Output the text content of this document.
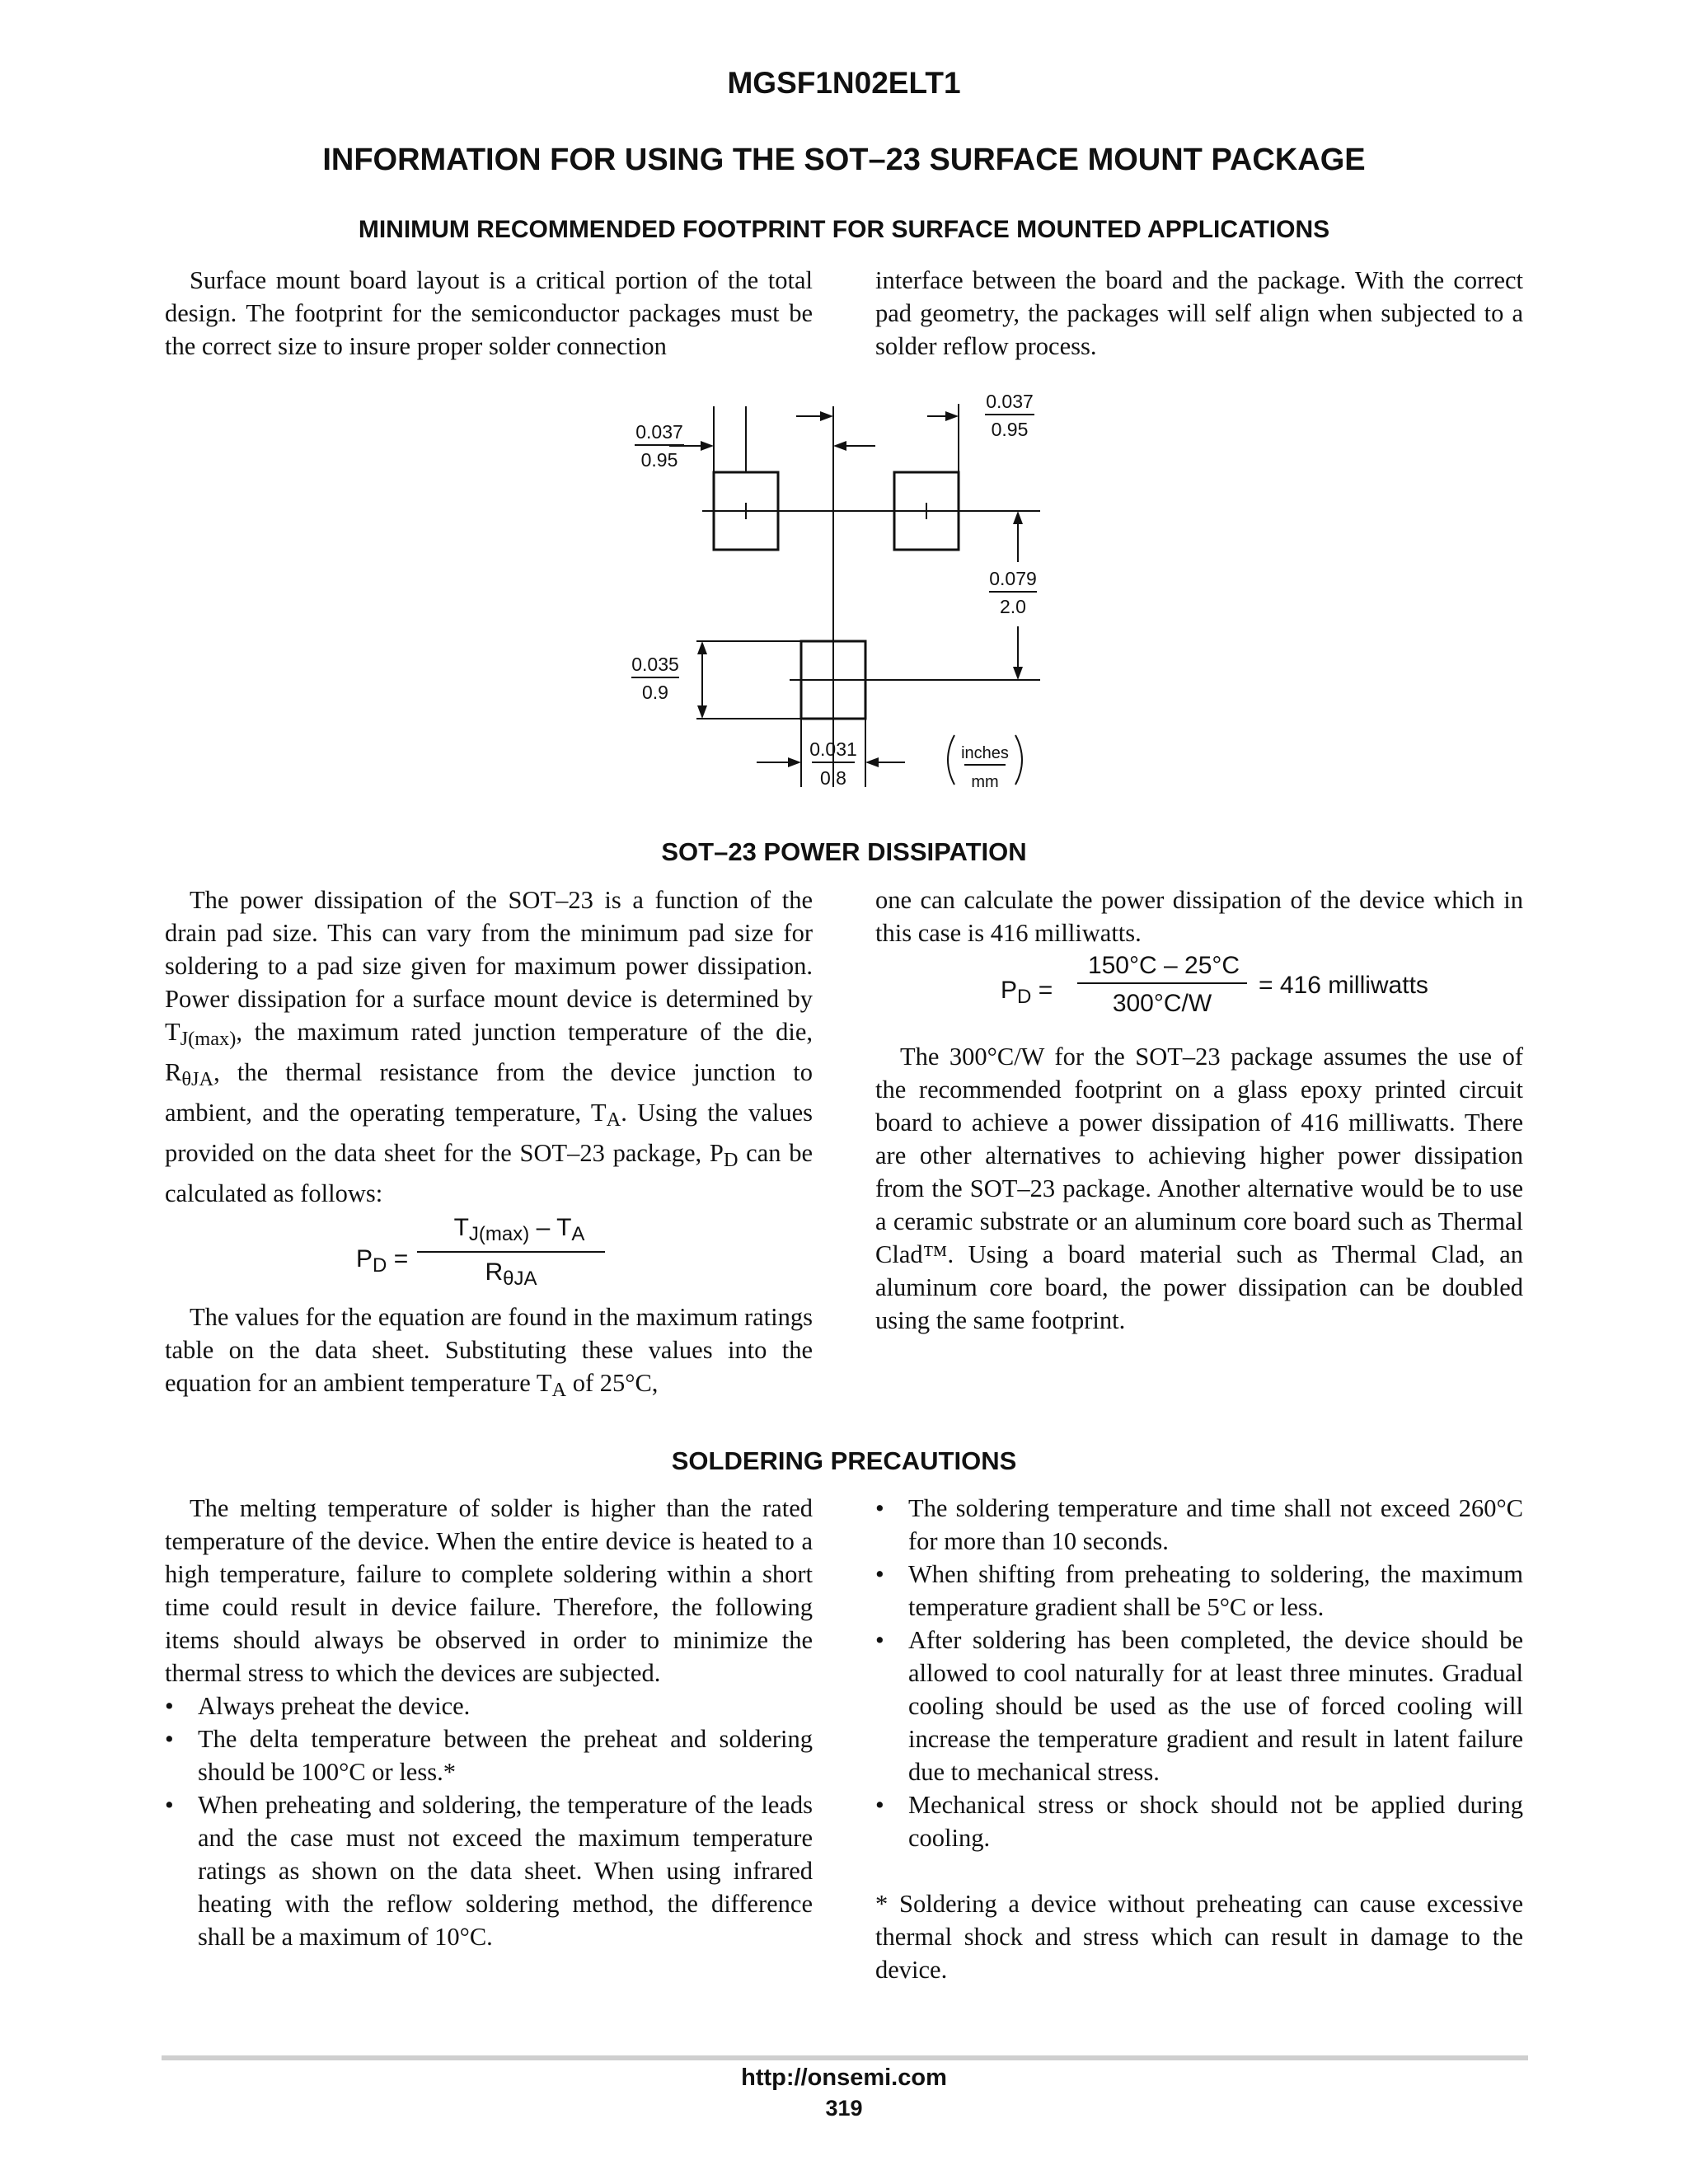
MGSF1N02ELT1
INFORMATION FOR USING THE SOT–23 SURFACE MOUNT PACKAGE
MINIMUM RECOMMENDED FOOTPRINT FOR SURFACE MOUNTED APPLICATIONS

Surface mount board layout is a critical portion of the total design. The footprint for the semiconductor packages must be the correct size to insure proper solder connection

interface between the board and the package. With the correct pad geometry, the packages will self align when subjected to a solder reflow process.

0.037
0.95
0.037
0.95
0.079
2.0
0.035
0.9
0.031
0.8
inches
mm
SOT–23 POWER DISSIPATION

The power dissipation of the SOT–23 is a function of the drain pad size. This can vary from the minimum pad size for soldering to a pad size given for maximum power dissipation. Power dissipation for a surface mount device is determined by $T_{J(max)}$, the maximum rated junction temperature of the die, $R_{\theta JA}$, the thermal resistance from the device junction to ambient, and the operating temperature, $T_A$. Using the values provided on the data sheet for the SOT–23 package, $P_D$ can be calculated as follows:

$P_D$ =
$T_{J(max)} - T_A$
$R_{\theta JA}$

The values for the equation are found in the maximum ratings table on the data sheet. Substituting these values into the equation for an ambient temperature $T_A$ of 25°C,

one can calculate the power dissipation of the device which in this case is 416 milliwatts.

$P_D$ =
150°C – 25°C
300°C/W
= 416 milliwatts

The 300°C/W for the SOT–23 package assumes the use of the recommended footprint on a glass epoxy printed circuit board to achieve a power dissipation of 416 milliwatts. There are other alternatives to achieving higher power dissipation from the SOT–23 package. Another alternative would be to use a ceramic substrate or an aluminum core board such as Thermal Clad™. Using a board material such as Thermal Clad, an aluminum core board, the power dissipation can be doubled using the same footprint.

SOLDERING PRECAUTIONS

The melting temperature of solder is higher than the rated temperature of the device. When the entire device is heated to a high temperature, failure to complete soldering within a short time could result in device failure. Therefore, the following items should always be observed in order to minimize the thermal stress to which the devices are subjected.

• Always preheat the device.
• The delta temperature between the preheat and soldering should be 100°C or less.*
• When preheating and soldering, the temperature of the leads and the case must not exceed the maximum temperature ratings as shown on the data sheet. When using infrared heating with the reflow soldering method, the difference shall be a maximum of 10°C.
• The soldering temperature and time shall not exceed 260°C for more than 10 seconds.
• When shifting from preheating to soldering, the maximum temperature gradient shall be 5°C or less.
• After soldering has been completed, the device should be allowed to cool naturally for at least three minutes. Gradual cooling should be used as the use of forced cooling will increase the temperature gradient and result in latent failure due to mechanical stress.
• Mechanical stress or shock should not be applied during cooling.

* Soldering a device without preheating can cause excessive thermal shock and stress which can result in damage to the device.

http://onsemi.com
319
